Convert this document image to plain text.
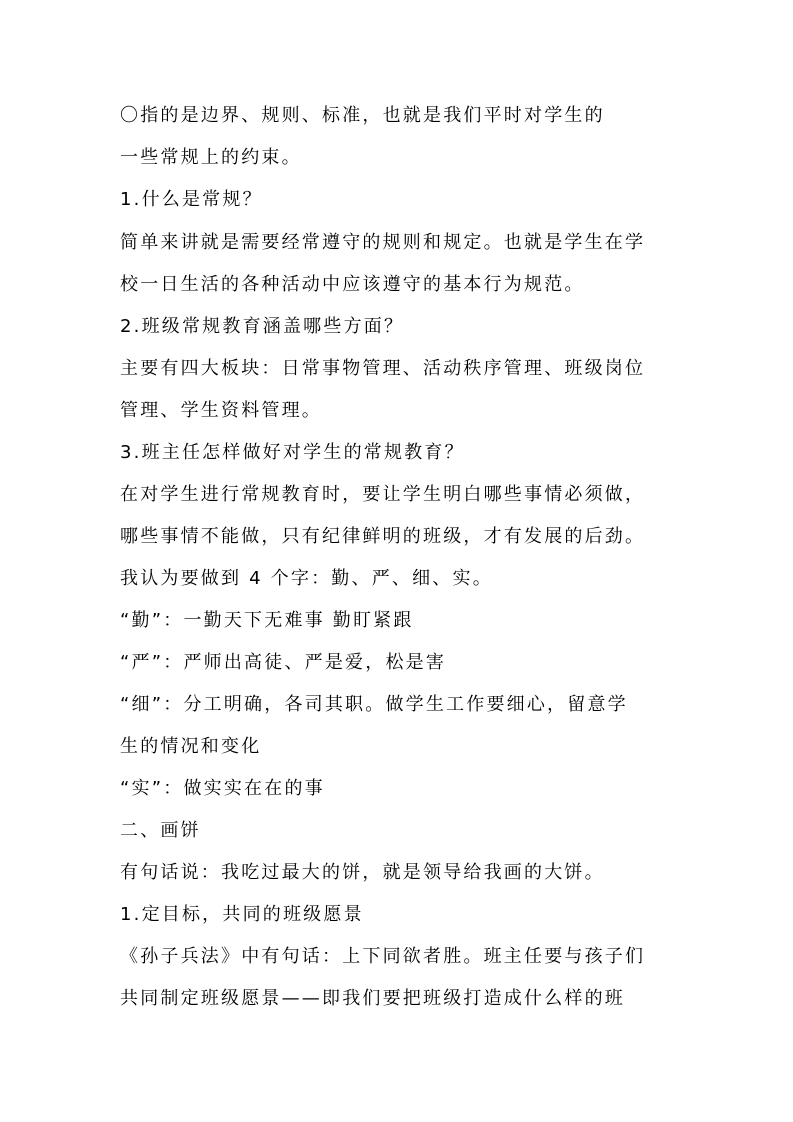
〇指的是边界、规则、标准，也就是我们平时对学生的
一些常规上的约束。
1.什么是常规？
简单来讲就是需要经常遵守的规则和规定。也就是学生在学
校一日生活的各种活动中应该遵守的基本行为规范。
2.班级常规教育涵盖哪些方面？
主要有四大板块：日常事物管理、活动秩序管理、班级岗位
管理、学生资料管理。
3.班主任怎样做好对学生的常规教育？
在对学生进行常规教育时，要让学生明白哪些事情必须做，
哪些事情不能做，只有纪律鲜明的班级，才有发展的后劲。
我认为要做到 4 个字：勤、严、细、实。
“勤”：一勤天下无难事 勤盯紧跟
“严”：严师出高徒、严是爱，松是害
“细”：分工明确，各司其职。做学生工作要细心，留意学
生的情况和变化
“实”：做实实在在的事
二、画饼
有句话说：我吃过最大的饼，就是领导给我画的大饼。
1.定目标，共同的班级愿景
《孙子兵法》中有句话：上下同欲者胜。班主任要与孩子们
共同制定班级愿景——即我们要把班级打造成什么样的班
